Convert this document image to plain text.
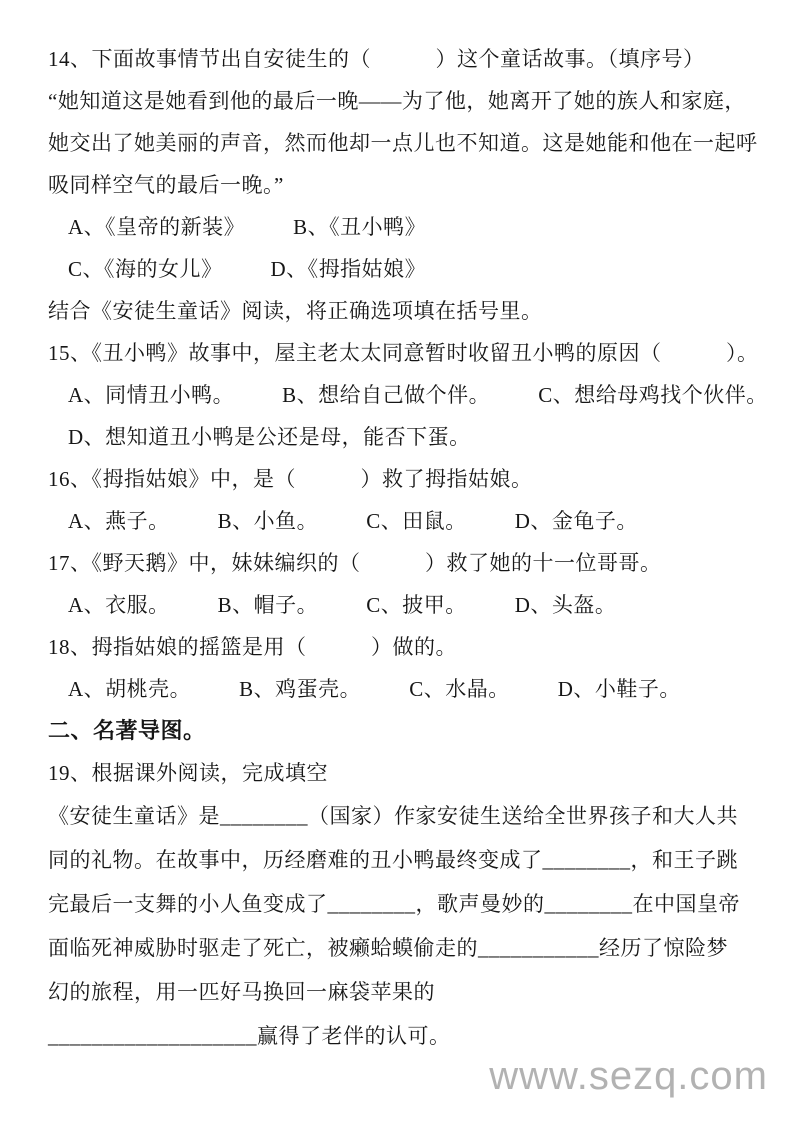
14、下面故事情节出自安徒生的（　　　）这个童话故事。（填序号）
“她知道这是她看到他的最后一晚——为了他，她离开了她的族人和家庭，
她交出了她美丽的声音，然而他却一点儿也不知道。这是她能和他在一起呼
吸同样空气的最后一晚。”
A、《皇帝的新装》 B、《丑小鸭》
C、《海的女儿》 D、《拇指姑娘》
结合《安徒生童话》阅读，将正确选项填在括号里。
15、《丑小鸭》故事中，屋主老太太同意暂时收留丑小鸭的原因（　　　）。
A、同情丑小鸭。 B、想给自己做个伴。 C、想给母鸡找个伙伴。
D、想知道丑小鸭是公还是母，能否下蛋。
16、《拇指姑娘》中，是（　　　）救了拇指姑娘。
A、燕子。 B、小鱼。 C、田鼠。 D、金龟子。
17、《野天鹅》中，妹妹编织的（　　　）救了她的十一位哥哥。
A、衣服。 B、帽子。 C、披甲。 D、头盔。
18、拇指姑娘的摇篮是用（　　　）做的。
A、胡桃壳。 B、鸡蛋壳。 C、水晶。 D、小鞋子。
二、名著导图。
19、根据课外阅读，完成填空
《安徒生童话》是________（国家）作家安徒生送给全世界孩子和大人共
同的礼物。在故事中，历经磨难的丑小鸭最终变成了________，和王子跳
完最后一支舞的小人鱼变成了________，歌声曼妙的________在中国皇帝
面临死神威胁时驱走了死亡，被癞蛤蟆偷走的___________经历了惊险梦
幻的旅程，用一匹好马换回一麻袋苹果的
___________________赢得了老伴的认可。
www.sezq.com
